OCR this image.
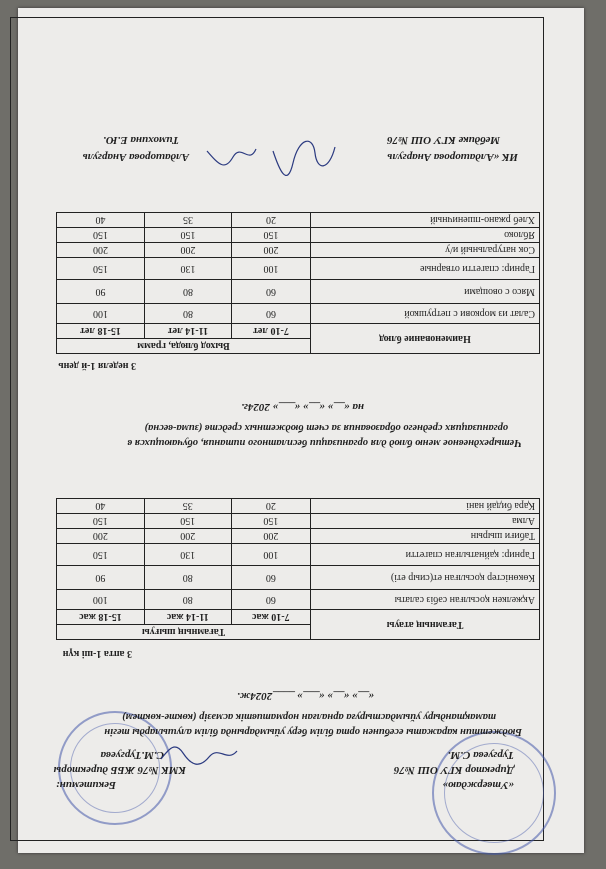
«Утверждаю»
Директор КГУ ОШ №76
Тургуева С.М.
Бекитемин:
КМК №76 ЖББ директоры
С.М.Тургуева
Бюджеттин каражаты есебинен орта білім беру уйымдарында білім алушыларды тегін
тамақтандыру уйымдастыруға арналған нормативтік асмәзір (көкте-көктем)
«__» «__» «___» ____2024ж.
3 апта 1-ші күн
Тағамның атауы	Тағамның шығуы		
	7-10 жас	11-14 жас	15-18 жас
Ақжелкен қосылған сәбіз салаты	60	80	100
Көкөністер қосылған ет(сиыр еті)	60	80	90
Гарнир: қайнатылған спагетти	100	130	150
Табиғи шырын	200	200	200
Алма	150	150	150
Қара бидай нанi	20	35	40
Четырехдневное меню блюд для организации бесплатного питания, обучающихся в
организациях среднего образования за счет бюджетных средств (зима-весна)
на «__» «__» «___» 2024г.
3 неделя 1-й день
Наименование блюд	Выход блюда, грамм		
	7-10 лет	11-14 лет	15-18 лет
Салат из моркови с петрушкой	60	80	100
Мясо с овощами	60	80	90
Гарнир: спагетти отварные	100	130	150
Сок натуральный и/у	200	200	200
Яблоко	150	150	150
Хлеб ржано-пшеничный	20	35	40
ИК «Алдашорова Анаргуль
Алдашорова Анаргуль
Мебдике КГУ ОШ №76
Тимохина Е.Ю.
